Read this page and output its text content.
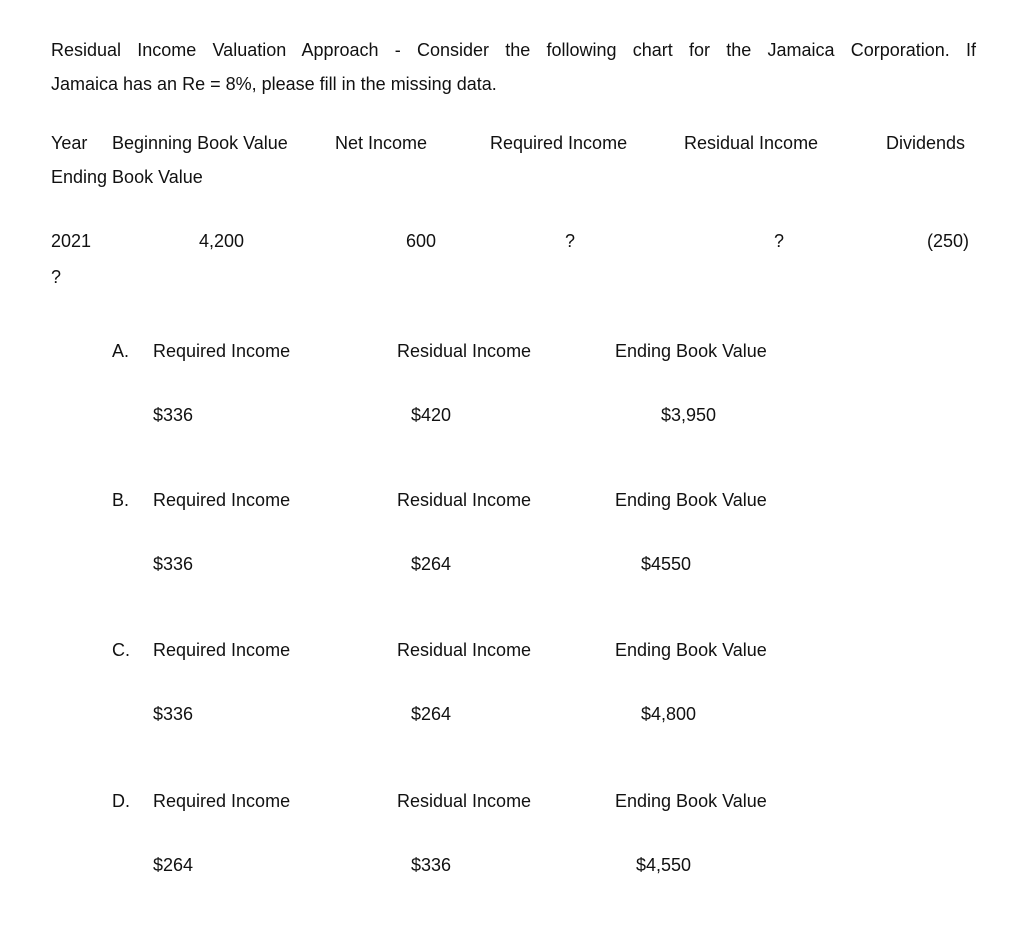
Residual Income Valuation Approach - Consider the following chart for the Jamaica Corporation. If
Jamaica has an Re = 8%, please fill in the missing data.
Year Beginning Book Value	Net Income	Required Income	Residual Income	Dividends
Ending Book Value
2021	4,200	600	?	?	(250)
?
A. Required Income	Residual Income	Ending Book Value
$336	$420	$3,950
B. Required Income	Residual Income	Ending Book Value
$336	$264	$4550
C. Required Income	Residual Income	Ending Book Value
$336	$264	$4,800
D. Required Income	Residual Income	Ending Book Value
$264	$336	$4,550
